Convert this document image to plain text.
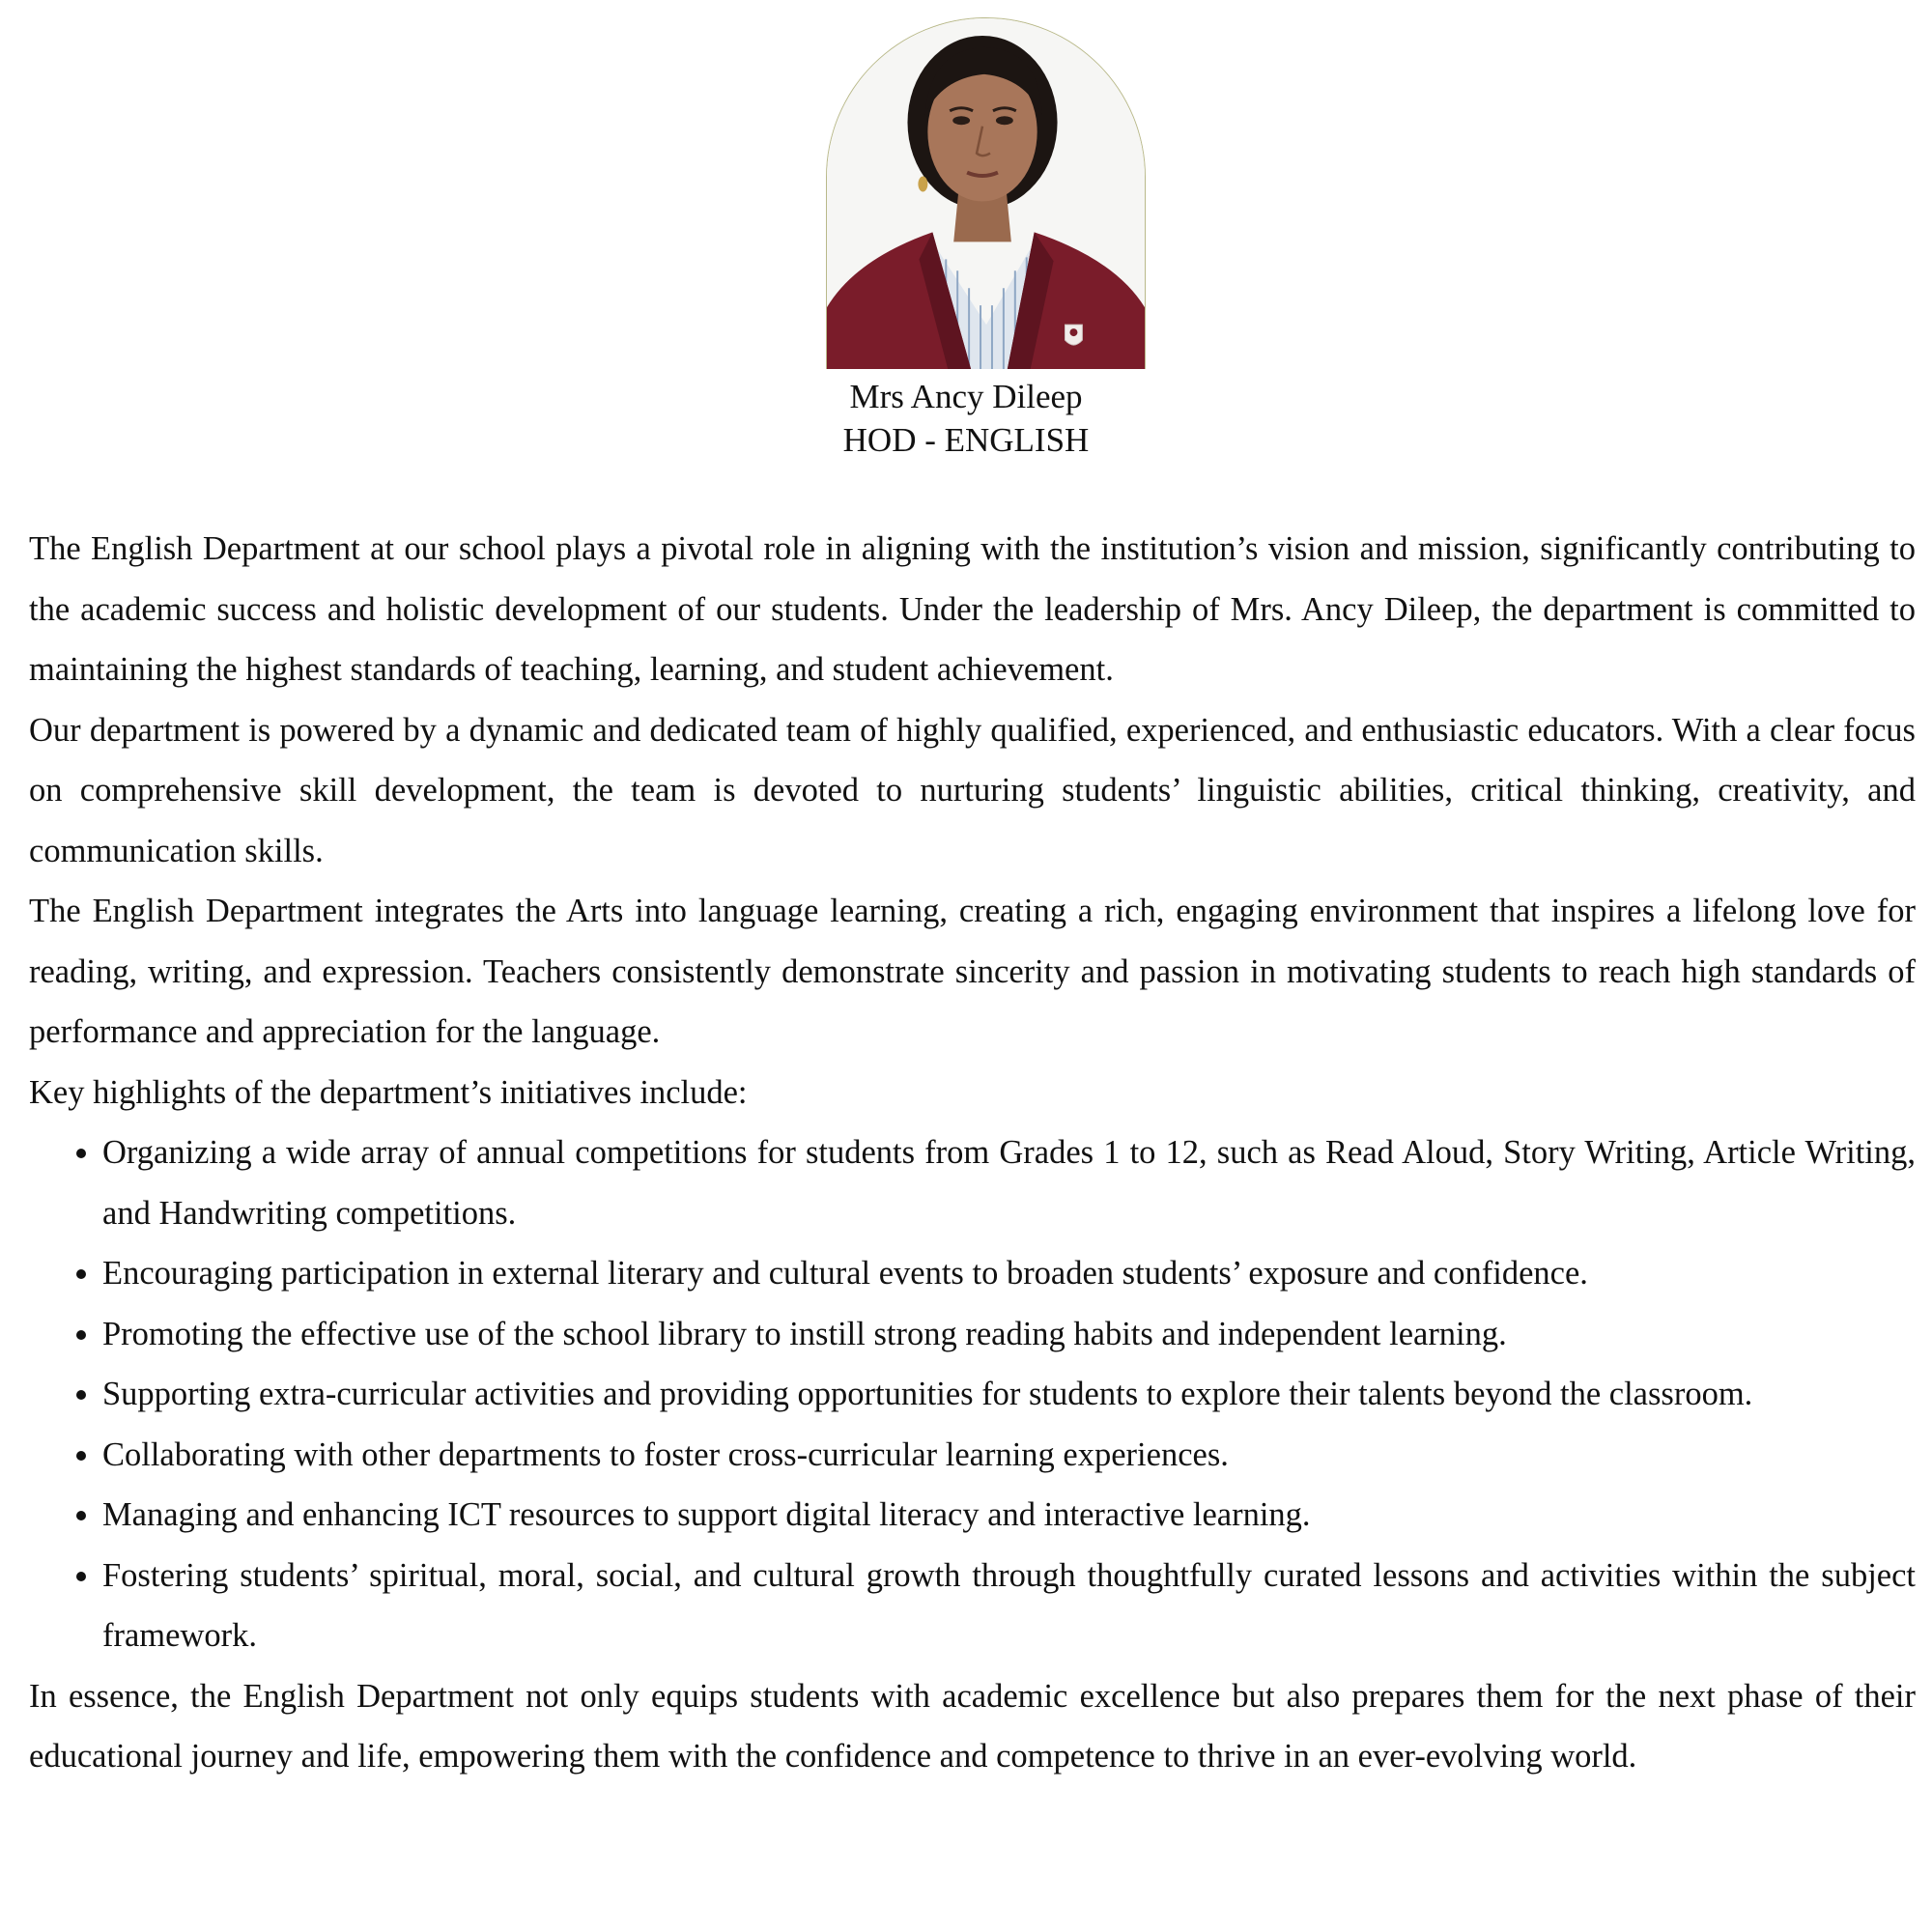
Mrs Ancy Dileep
HOD - ENGLISH

The English Department at our school plays a pivotal role in aligning with the institution’s vision and mission, significantly contributing to the academic success and holistic development of our students. Under the leadership of Mrs. Ancy Dileep, the department is committed to maintaining the highest standards of teaching, learning, and student achievement.

Our department is powered by a dynamic and dedicated team of highly qualified, experienced, and enthusiastic educators. With a clear focus on comprehensive skill development, the team is devoted to nurturing students’ linguistic abilities, critical thinking, creativity, and communication skills.

The English Department integrates the Arts into language learning, creating a rich, engaging environment that inspires a lifelong love for reading, writing, and expression. Teachers consistently demonstrate sincerity and passion in motivating students to reach high standards of performance and appreciation for the language.

Key highlights of the department’s initiatives include:

• Organizing a wide array of annual competitions for students from Grades 1 to 12, such as Read Aloud, Story Writing, Article Writing, and Handwriting competitions.
• Encouraging participation in external literary and cultural events to broaden students’ exposure and confidence.
• Promoting the effective use of the school library to instill strong reading habits and independent learning.
• Supporting extra-curricular activities and providing opportunities for students to explore their talents beyond the classroom.
• Collaborating with other departments to foster cross-curricular learning experiences.
• Managing and enhancing ICT resources to support digital literacy and interactive learning.
• Fostering students’ spiritual, moral, social, and cultural growth through thoughtfully curated lessons and activities within the subject framework.

In essence, the English Department not only equips students with academic excellence but also prepares them for the next phase of their educational journey and life, empowering them with the confidence and competence to thrive in an ever-evolving world.
